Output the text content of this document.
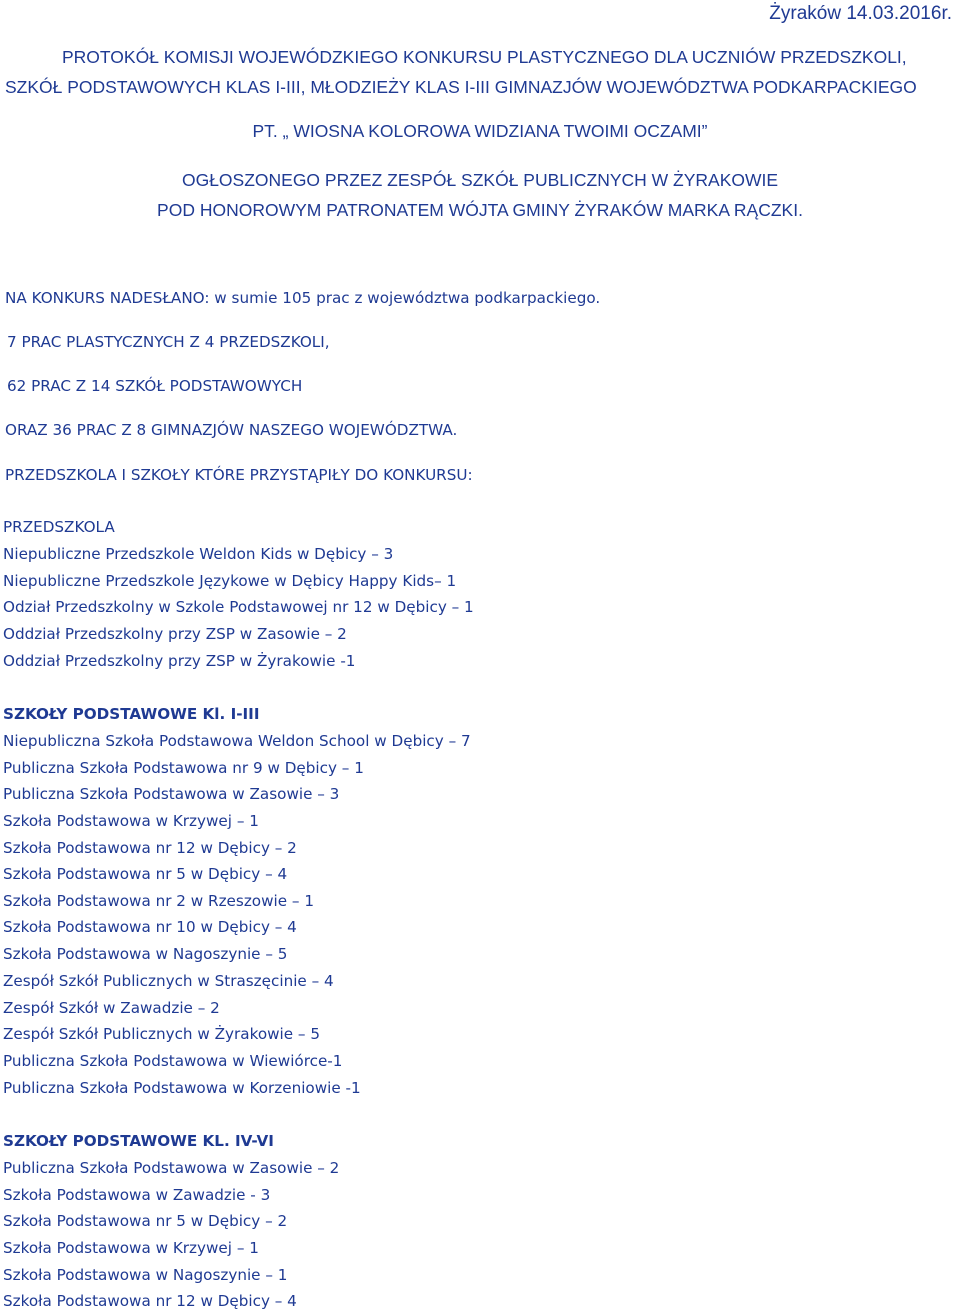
Żyraków 14.03.2016r.
PROTOKÓŁ KOMISJI WOJEWÓDZKIEGO KONKURSU PLASTYCZNEGO DLA UCZNIÓW PRZEDSZKOLI,
SZKÓŁ PODSTAWOWYCH KLAS I-III, MŁODZIEŻY KLAS I-III GIMNAZJÓW WOJEWÓDZTWA PODKARPACKIEGO
PT. „ WIOSNA KOLOROWA WIDZIANA TWOIMI OCZAMI”
OGŁOSZONEGO PRZEZ ZESPÓŁ SZKÓŁ PUBLICZNYCH W ŻYRAKOWIE
POD HONOROWYM PATRONATEM WÓJTA GMINY ŻYRAKÓW MARKA RĄCZKI.
NA KONKURS NADESŁANO: w sumie 105 prac z województwa podkarpackiego.
7 PRAC PLASTYCZNYCH Z 4 PRZEDSZKOLI,
62 PRAC Z 14 SZKÓŁ PODSTAWOWYCH
ORAZ 36 PRAC Z 8 GIMNAZJÓW NASZEGO WOJEWÓDZTWA.
PRZEDSZKOLA I SZKOŁY KTÓRE PRZYSTĄPIŁY DO KONKURSU:
PRZEDSZKOLA
Niepubliczne Przedszkole Weldon Kids w Dębicy – 3
Niepubliczne Przedszkole Językowe w Dębicy Happy Kids– 1
Odział Przedszkolny w Szkole Podstawowej nr 12 w Dębicy – 1
Oddział Przedszkolny przy ZSP w Zasowie – 2
Oddział Przedszkolny przy ZSP w Żyrakowie -1
SZKOŁY PODSTAWOWE Kl. I-III
Niepubliczna Szkoła Podstawowa Weldon School w Dębicy – 7
Publiczna Szkoła Podstawowa nr 9 w Dębicy – 1
Publiczna Szkoła Podstawowa w Zasowie – 3
Szkoła Podstawowa w Krzywej – 1
Szkoła Podstawowa nr 12 w Dębicy – 2
Szkoła Podstawowa nr 5 w Dębicy – 4
Szkoła Podstawowa nr 2 w Rzeszowie – 1
Szkoła Podstawowa nr 10 w Dębicy – 4
Szkoła Podstawowa w Nagoszynie – 5
Zespół Szkół Publicznych w Straszęcinie – 4
Zespół Szkół w Zawadzie – 2
Zespół Szkół Publicznych w Żyrakowie – 5
Publiczna Szkoła Podstawowa w Wiewiórce-1
Publiczna Szkoła Podstawowa w Korzeniowie -1
SZKOŁY PODSTAWOWE KL. IV-VI
Publiczna Szkoła Podstawowa w Zasowie – 2
Szkoła Podstawowa w Zawadzie - 3
Szkoła Podstawowa nr 5 w Dębicy – 2
Szkoła Podstawowa w Krzywej – 1
Szkoła Podstawowa w Nagoszynie – 1
Szkoła Podstawowa nr 12 w Dębicy – 4
